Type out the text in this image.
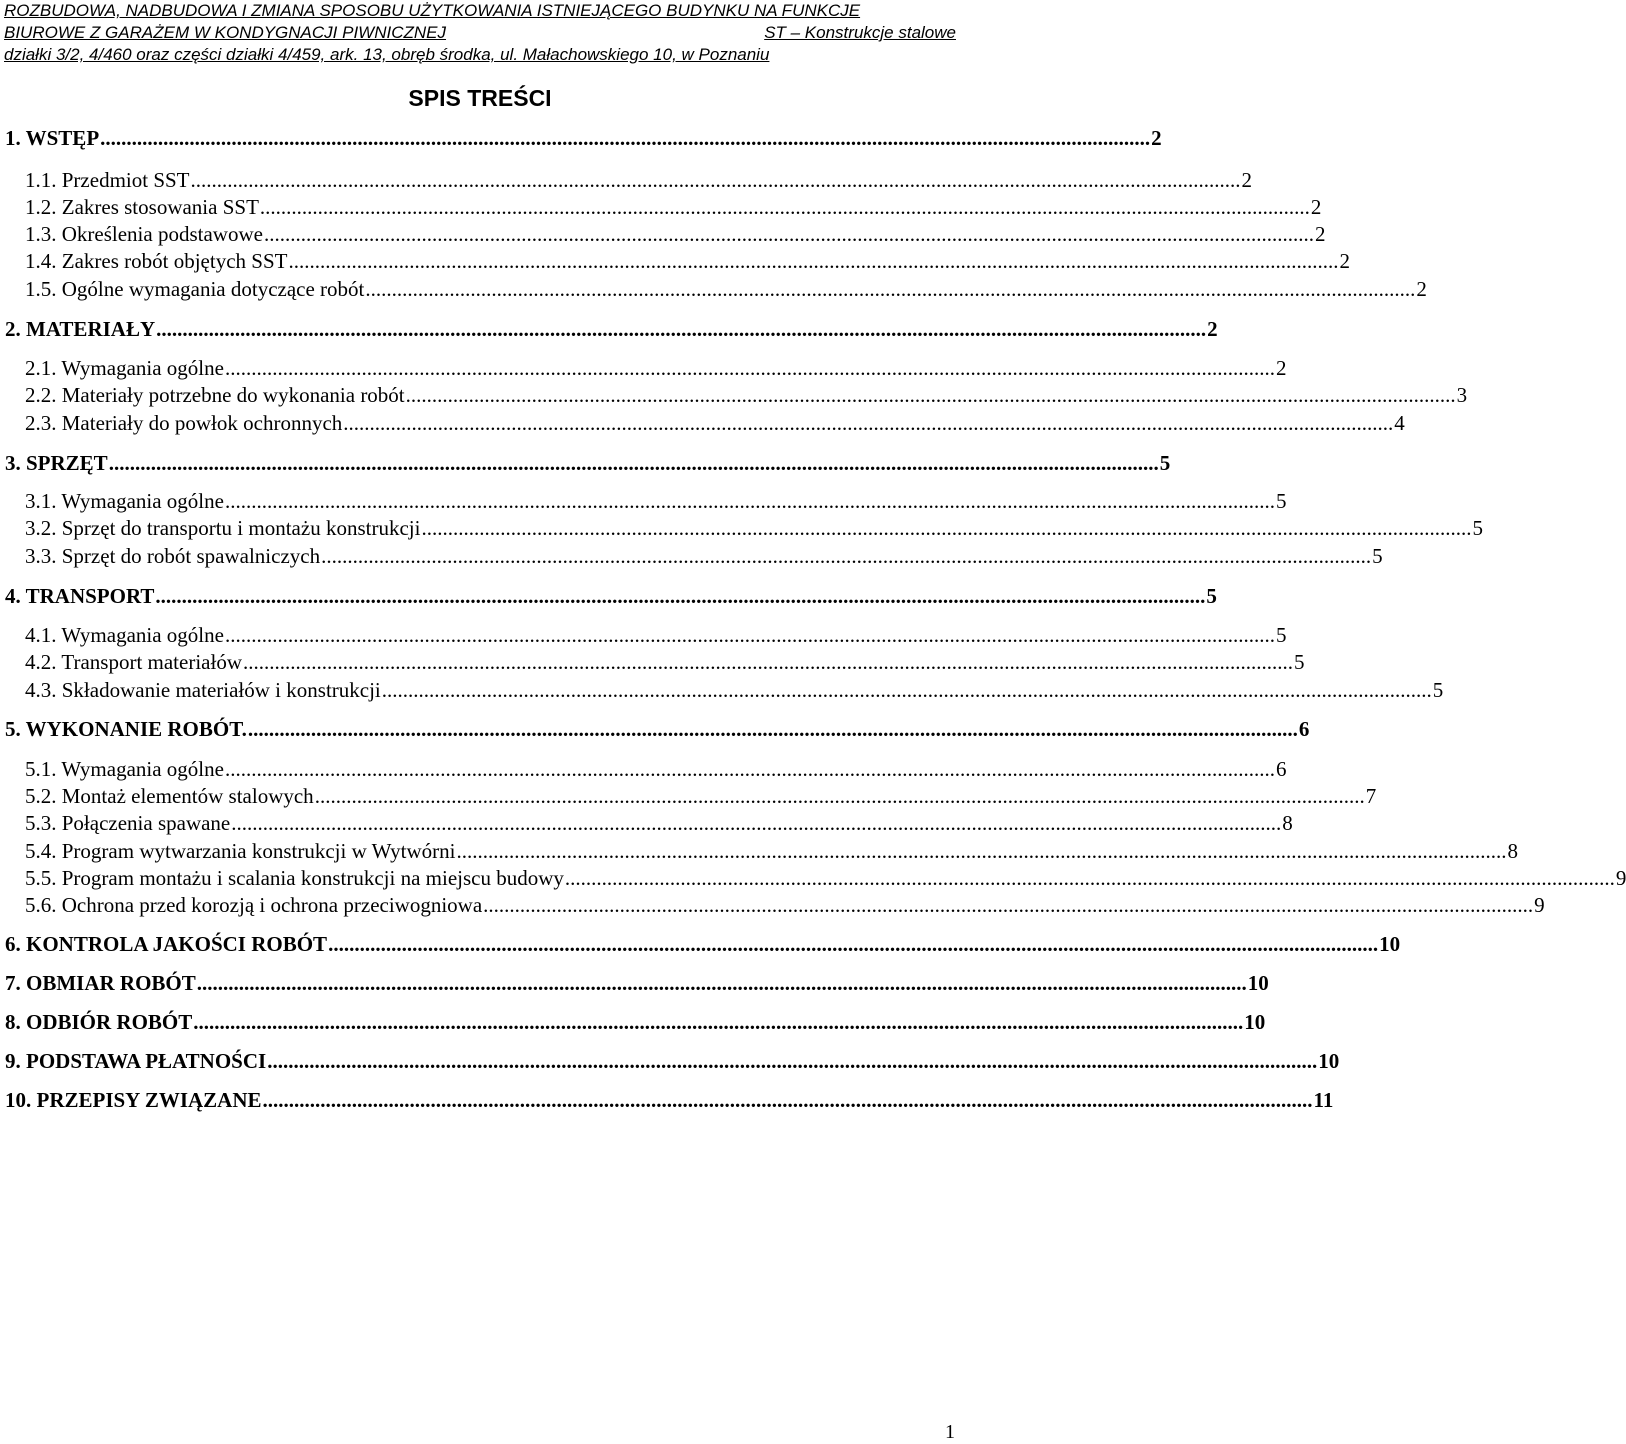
ROZBUDOWA, NADBUDOWA I ZMIANA SPOSOBU UŻYTKOWANIA ISTNIEJĄCEGO BUDYNKU NA FUNKCJE
BIUROWE Z GARAŻEM W KONDYGNACJI PIWNICZNEJ	ST – Konstrukcje stalowe
działki 3/2, 4/460 oraz części działki 4/459, ark. 13, obręb środka, ul. Małachowskiego 10, w Poznaniu
SPIS TREŚCI
1. WSTĘP ........................................................................................................................................................................................................ 2
1.1. Przedmiot SST ........................................................................................................................................................................................................ 2
1.2. Zakres stosowania SST ........................................................................................................................................................................................................ 2
1.3. Określenia podstawowe ........................................................................................................................................................................................................ 2
1.4. Zakres robót objętych SST ........................................................................................................................................................................................................ 2
1.5. Ogólne wymagania dotyczące robót ........................................................................................................................................................................................................ 2
2. MATERIAŁY ........................................................................................................................................................................................................ 2
2.1. Wymagania ogólne ........................................................................................................................................................................................................ 2
2.2. Materiały potrzebne do wykonania robót ........................................................................................................................................................................................................ 3
2.3. Materiały do powłok ochronnych ........................................................................................................................................................................................................ 4
3. SPRZĘT ........................................................................................................................................................................................................ 5
3.1. Wymagania ogólne ........................................................................................................................................................................................................ 5
3.2. Sprzęt do transportu i montażu konstrukcji ........................................................................................................................................................................................................ 5
3.3. Sprzęt do robót spawalniczych ........................................................................................................................................................................................................ 5
4. TRANSPORT ........................................................................................................................................................................................................ 5
4.1. Wymagania ogólne ........................................................................................................................................................................................................ 5
4.2. Transport materiałów ........................................................................................................................................................................................................ 5
4.3. Składowanie materiałów i konstrukcji ........................................................................................................................................................................................................ 5
5. WYKONANIE ROBÓT. ........................................................................................................................................................................................................ 6
5.1. Wymagania ogólne ........................................................................................................................................................................................................ 6
5.2. Montaż elementów stalowych ........................................................................................................................................................................................................ 7
5.3. Połączenia spawane ........................................................................................................................................................................................................ 8
5.4. Program wytwarzania konstrukcji w Wytwórni ........................................................................................................................................................................................................ 8
5.5. Program montażu i scalania konstrukcji na miejscu budowy ........................................................................................................................................................................................................ 9
5.6. Ochrona przed korozją i ochrona przeciwogniowa ........................................................................................................................................................................................................ 9
6. KONTROLA JAKOŚCI ROBÓT ........................................................................................................................................................................................................ 10
7. OBMIAR ROBÓT ........................................................................................................................................................................................................ 10
8. ODBIÓR ROBÓT ........................................................................................................................................................................................................ 10
9. PODSTAWA PŁATNOŚCI ........................................................................................................................................................................................................ 10
10. PRZEPISY ZWIĄZANE ........................................................................................................................................................................................................ 11
1
